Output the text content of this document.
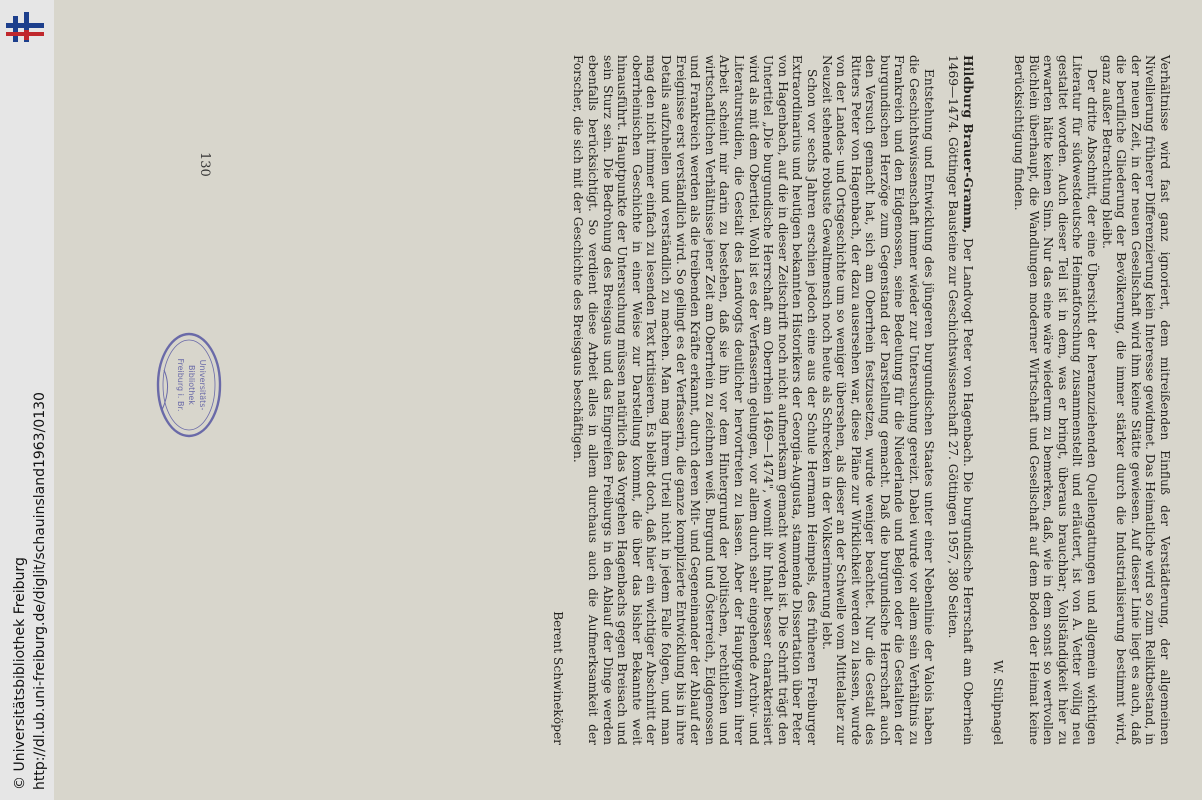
http://dl.ub.uni-freiburg.de/diglit/schauinsland1963/0130
© Universitätsbibliothek Freiburg	Verhältnisse wird fast ganz ignoriert, dem mitreißenden Einfluß der Verstädterung, der allgemeinen Nivellierung früherer Differenzierung kein Interesse gewidmet. Das Heimatliche wird so zum Reliktbestand, in der neuen Zeit, in der neuen Gesellschaft wird ihm keine Stätte gewiesen. Auf dieser Linie liegt es auch, daß die berufliche Gliederung der Bevölkerung, die immer stärker durch die Industrialisierung bestimmt wird, ganz außer Betrachtung bleibt.

Der dritte Abschnitt, der eine Übersicht der heranzuziehenden Quellengattungen und allgemein wichtigen Literatur für südwestdeutsche Heimatforschung zusammenstellt und erläutert, ist von A. Vetter völlig neu gestaltet worden. Auch dieser Teil ist in dem, was er bringt, überaus brauchbar; Vollständigkeit hier zu erwarten hätte keinen Sinn. Nur das eine wäre wiederum zu bemerken, daß, wie in dem sonst so wertvollen Büchlein überhaupt, die Wandlungen moderner Wirtschaft und Gesellschaft auf dem Boden der Heimat keine Berücksichtigung finden.

W. Stülpnagel

Hildburg Brauer-Gramm, Der Landvogt Peter von Hagenbach. Die burgundische Herrschaft am Oberrhein 1469—1474. Göttinger Bausteine zur Geschichtswissenschaft 27. Göttingen 1957, 380 Seiten.

Entstehung und Entwicklung des jüngeren burgundischen Staates unter einer Nebenlinie der Valois haben die Geschichtswissenschaft immer wieder zur Untersuchung gereizt. Dabei wurde vor allem sein Verhältnis zu Frankreich und den Eidgenossen, seine Bedeutung für die Niederlande und Belgien oder die Gestalten der burgundischen Herzöge zum Gegenstand der Darstellung gemacht. Daß die burgundische Herrschaft auch den Versuch gemacht hat, sich am Oberrhein festzusetzen, wurde weniger beachtet. Nur die Gestalt des Ritters Peter von Hagenbach, der dazu ausersehen war, diese Pläne zur Wirklichkeit werden zu lassen, wurde von der Landes- und Ortsgeschichte um so weniger übersehen, als dieser an der Schwelle vom Mittelalter zur Neuzeit stehende robuste Gewaltmensch noch heute als Schrecken in der Volkserinnerung lebt.

Schon vor sechs Jahren erschien jedoch eine aus der Schule Hermann Heimpels, des früheren Freiburger Extraordinarius und heutigen bekannten Historikers der Georgia-Augusta, stammende Dissertation über Peter von Hagenbach, auf die in dieser Zeitschrift noch nicht aufmerksam gemacht worden ist. Die Schrift trägt den Untertitel „Die burgundische Herrschaft am Oberrhein 1469—1474", womit ihr Inhalt besser charakterisiert wird als mit dem Obertitel. Wohl ist es der Verfasserin gelungen, vor allem durch sehr eingehende Archiv- und Literaturstudien, die Gestalt des Landvogts deutlicher hervortreten zu lassen. Aber der Hauptgewinn ihrer Arbeit scheint mir darin zu bestehen, daß sie ihn vor dem Hintergrund der politischen, rechtlichen und wirtschaftlichen Verhältnisse jener Zeit am Oberrhein zu zeichnen weiß. Burgund und Österreich, Eidgenossen und Frankreich werden als die treibenden Kräfte erkannt, durch deren Mit- und Gegeneinander der Ablauf der Ereignisse erst verständlich wird. So gelingt es der Verfasserin, die ganze komplizierte Entwicklung bis in ihre Details aufzuhellen und verständlich zu machen. Man mag ihrem Urteil nicht in jedem Falle folgen, und man mag den nicht immer einfach zu lesenden Text kritisieren. Es bleibt doch, daß hier ein wichtiger Abschnitt der oberrheinischen Geschichte in einer Weise zur Darstellung kommt, die über das bisher Bekannte weit hinausführt. Hauptpunkte der Untersuchung müssen natürlich das Vorgehen Hagenbachs gegen Breisach und sein Sturz sein. Die Bedrohung des Breisgaus und das Eingreifen Freiburgs in den Ablauf der Dinge werden ebenfalls berücksichtigt. So verdient diese Arbeit alles in allem durchaus auch die Aufmerksamkeit der Forscher, die sich mit der Geschichte des Breisgaus beschäftigen.

Berent Schwineköper

130
Universitäts-
Bibliothek
Freiburg i. Br.
